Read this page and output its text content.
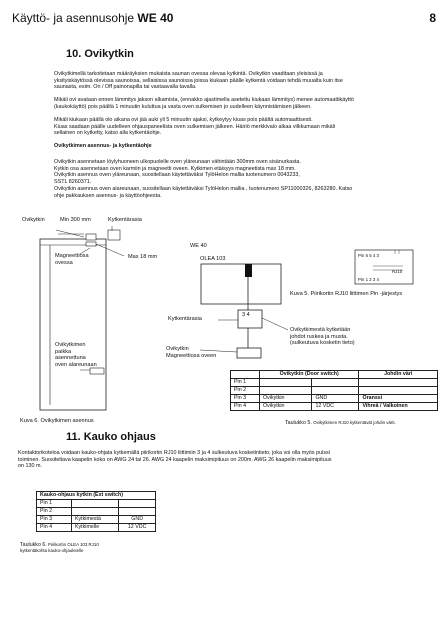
Käyttö- ja asennusohje WE 40	8
10. Ovikytkin
Ovikytkimellä tarkoitetaan määräyksien mukaista saunan ovessa olevaa kytkintä. Ovikytkin vaaditaan yleisissä ja
yksityiskäytössä olevissa saunoissa, sellaisissa saunoissa joissa kiukaan päälle kytkentä voidaan tehdä muualta kuin itse
saunasta, esim. On / Off painonapilla tai vastaavalla tavalla.
Mikäli ovi avataan ennen lämmitys jakson alkamista, (ennakko ajastimella asetettu kiukaan lämmitys) menee automaattikäyttö
(kaukokäyttö) pois päältä 1 minuutin kuluttua ja vasta oven sulkemisen jo uudelleen käynnistämisen jälkeen.
Mikäli kiukaan päällä olo aikana ovi jää auki yli 5 minuutin ajaksi, kytkeytyy kiuas pois päältä automaattisesti.
Kiuas saadaan päälle uudelleen ohjauspaneelista oven sulkemisen jälkeen. Häiriö merkkivalo alkaa vilkkumaan mikäli
sellainen on kytketty, katso alla kytkentäohje.
Ovikytkimen asennus- ja kytkentäohje
Ovikytkin asennetaan löylyhuoneen ulkopuolelle oven yläreunaan vähintään 300mm oven sisänurkasta.
Kytkin osa asennetaan oven karmiin ja magneetti oveen. Kytkimen etäisyys magneetista max 18 mm.
Ovikytkin asennus oven yläreunaan, suositellaan käytettäväksi TylöHelon mallia tuotenumero 0043233,
SSTL 8260371.
Ovikytkin asennus oven alareunaan, suositellaan käytettäväksi TylöHelon mallia , tuotenumero SP11000326, 8263280. Katso
ohje pakkauksen asennus- ja käyttöohjeesta.
Ovikytkin	Min 300 mm	Kytkentärasia
Magneettiosa
ovessa
Max 18 mm
Ovikytkimen
paikka
asennettuna
oven alareunaan
Kuva 6. Ovikytkimen asennus
Kytkentärasia
WE 40
OLEA 103
Pin 6 5 4 3
RJ10
Pin 1 2 3 4
Kuva 5. Piirikortin RJ10 liittimen Pin -järjestys
3 4
Ovikytkimestä kytketään
johdot ruskea ja musta.
(sulkeutuva kosketin tieto)
Ovikytkin
Magneettiosa oveen
	Ovikytkin (Door switch)		Johdin väri
Pin 1			
Pin 2			
Pin 3	Ovikytkin	GND	Oranssi
Pin 4	Ovikytkin	12 VDC	Vihreä / Valkoinen
Taulukko 5. Ovikytkimen RJ10 kytkentävät johdin värit.
11. Kauko ohjaus
Kontaktorikoteloa voidaan kauko-ohjata kytkemällä piirikortin RJ10 liittimiin 3 ja 4 sulkeutuva kosketintieto, joka voi olla myös pulssi
toiminen. Suositeltava kaapelin koko on AWG 24 tai 26. AWG 24 kaapelin maksimipituus on 200m. AWG 26 kaapelin maksimipituus
on 130 m.
Kauko-ohjaus kytkin (Ext switch)		
Pin 1		
Pin 2		
Pin 3	Kytkimestä	GND
Pin 4	Kytkimelle	12 VDC
Taulukko 6. Piirikortin OLEA 103 RJ10
kytkentäkohta kauko-ohjaukselle
